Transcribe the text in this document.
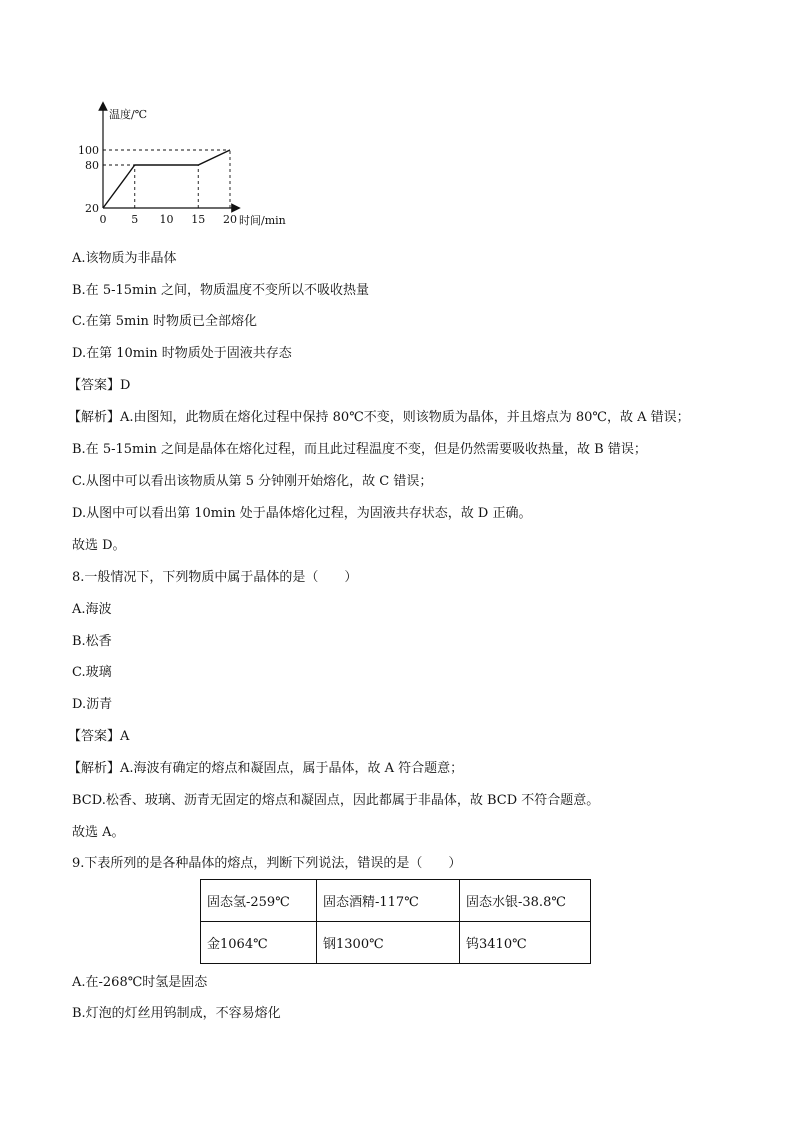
0 5 10 15 20
20
80
100
温度/℃
时间/min
A.该物质为非晶体
B.在 5-15min 之间，物质温度不变所以不吸收热量
C.在第 5min 时物质已全部熔化
D.在第 10min 时物质处于固液共存态
【答案】D
【解析】A.由图知，此物质在熔化过程中保持 80℃不变，则该物质为晶体，并且熔点为 80℃，故 A 错误；
B.在 5-15min 之间是晶体在熔化过程，而且此过程温度不变，但是仍然需要吸收热量，故 B 错误；
C.从图中可以看出该物质从第 5 分钟刚开始熔化，故 C 错误；
D.从图中可以看出第 10min 处于晶体熔化过程，为固液共存状态，故 D 正确。
故选 D。
8.一般情况下，下列物质中属于晶体的是（　　）
A.海波
B.松香
C.玻璃
D.沥青
【答案】A
【解析】A.海波有确定的熔点和凝固点，属于晶体，故 A 符合题意；
BCD.松香、玻璃、沥青无固定的熔点和凝固点，因此都属于非晶体，故 BCD 不符合题意。
故选 A。
9.下表所列的是各种晶体的熔点，判断下列说法，错误的是（　　）
固态氢-259℃	固态酒精-117℃	固态水银-38.8℃
金1064℃	钢1300℃	钨3410℃
A.在-268℃时氢是固态
B.灯泡的灯丝用钨制成，不容易熔化
